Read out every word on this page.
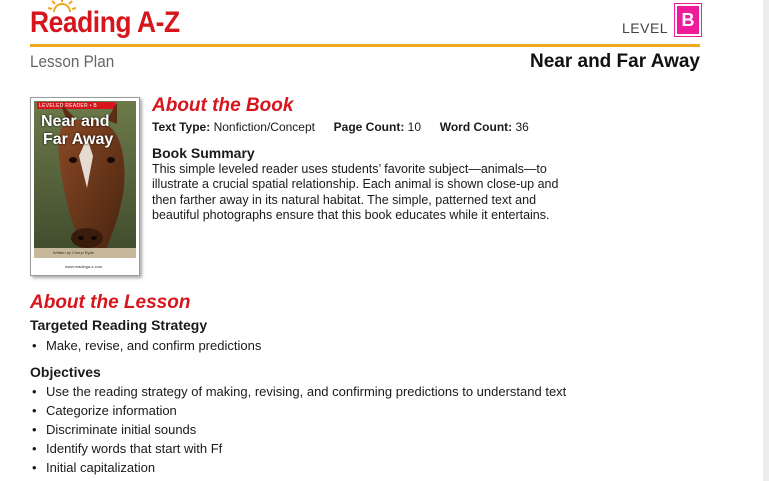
Reading A-Z	LEVEL B
Lesson Plan	Near and Far Away
LEVELED READER • B
Near and
Far Away
Written by Cheryl Ryan
www.readinga-z.com
About the Book
Text Type: Nonfiction/Concept Page Count: 10 Word Count: 36
Book Summary
This simple leveled reader uses students’ favorite subject—animals—to illustrate a crucial spatial relationship. Each animal is shown close-up and then farther away in its natural habitat. The simple, patterned text and beautiful photographs ensure that this book educates while it entertains.
About the Lesson
Targeted Reading Strategy
• Make, revise, and confirm predictions
Objectives
• Use the reading strategy of making, revising, and confirming predictions to understand text
• Categorize information
• Discriminate initial sounds
• Identify words that start with Ff
• Initial capitalization
